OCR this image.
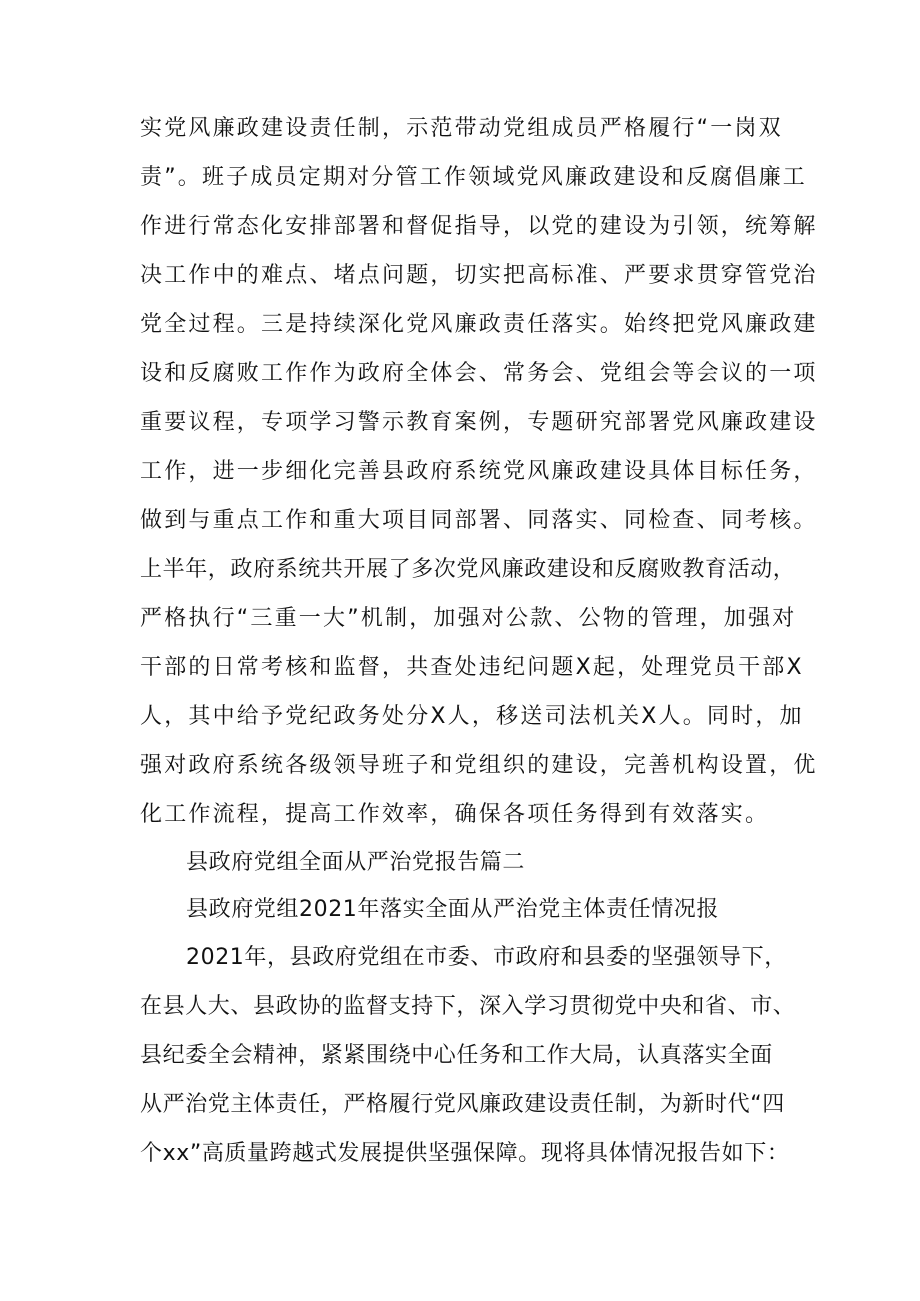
实党风廉政建设责任制，示范带动党组成员严格履行“一岗双
责”。班子成员定期对分管工作领域党风廉政建设和反腐倡廉工
作进行常态化安排部署和督促指导，以党的建设为引领，统筹解
决工作中的难点、堵点问题，切实把高标准、严要求贯穿管党治
党全过程。三是持续深化党风廉政责任落实。始终把党风廉政建
设和反腐败工作作为政府全体会、常务会、党组会等会议的一项
重要议程，专项学习警示教育案例，专题研究部署党风廉政建设
工作，进一步细化完善县政府系统党风廉政建设具体目标任务，
做到与重点工作和重大项目同部署、同落实、同检查、同考核。
上半年，政府系统共开展了多次党风廉政建设和反腐败教育活动，
严格执行“三重一大”机制，加强对公款、公物的管理，加强对
干部的日常考核和监督，共查处违纪问题X起，处理党员干部X
人，其中给予党纪政务处分X人，移送司法机关X人。同时，加
强对政府系统各级领导班子和党组织的建设，完善机构设置，优
化工作流程，提高工作效率，确保各项任务得到有效落实。
县政府党组全面从严治党报告篇二
县政府党组2021年落实全面从严治党主体责任情况报
2021年，县政府党组在市委、市政府和县委的坚强领导下，
在县人大、县政协的监督支持下，深入学习贯彻党中央和省、市、
县纪委全会精神，紧紧围绕中心任务和工作大局，认真落实全面
从严治党主体责任，严格履行党风廉政建设责任制，为新时代“四
个xx”高质量跨越式发展提供坚强保障。现将具体情况报告如下：
